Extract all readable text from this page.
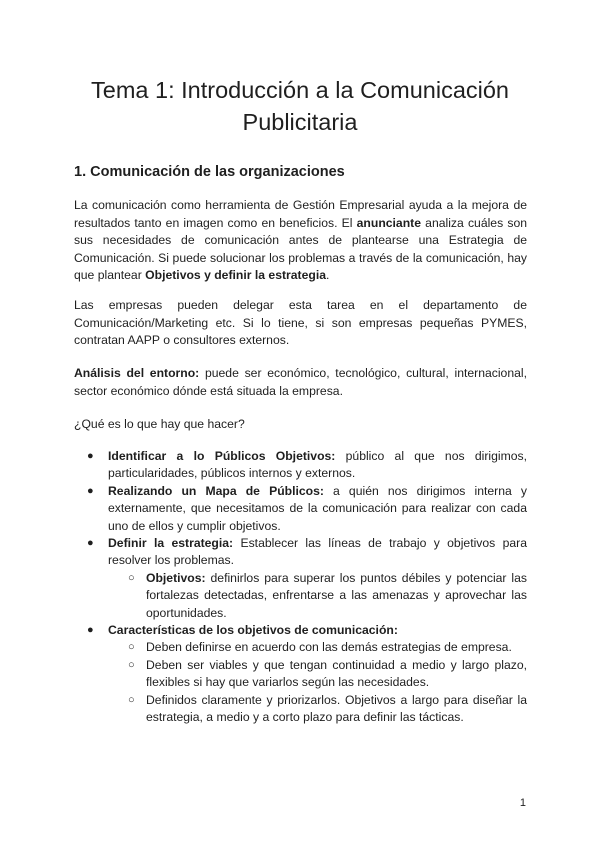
Tema 1: Introducción a la Comunicación
Publicitaria
1. Comunicación de las organizaciones

La comunicación como herramienta de Gestión Empresarial ayuda a la mejora de resultados tanto en imagen como en beneficios. El anunciante analiza cuáles son sus necesidades de comunicación antes de plantearse una Estrategia de Comunicación. Si puede solucionar los problemas a través de la comunicación, hay que plantear Objetivos y definir la estrategia.

Las empresas pueden delegar esta tarea en el departamento de Comunicación/Marketing etc. Si lo tiene, si son empresas pequeñas PYMES, contratan AAPP o consultores externos.

Análisis del entorno: puede ser económico, tecnológico, cultural, internacional, sector económico dónde está situada la empresa.

¿Qué es lo que hay que hacer?

● Identificar a lo Públicos Objetivos: público al que nos dirigimos, particularidades, públicos internos y externos.
● Realizando un Mapa de Públicos: a quién nos dirigimos interna y externamente, que necesitamos de la comunicación para realizar con cada uno de ellos y cumplir objetivos.
● Definir la estrategia: Establecer las líneas de trabajo y objetivos para resolver los problemas.
○ Objetivos: definirlos para superar los puntos débiles y potenciar las fortalezas detectadas, enfrentarse a las amenazas y aprovechar las oportunidades.
● Características de los objetivos de comunicación:
○ Deben definirse en acuerdo con las demás estrategias de empresa.
○ Deben ser viables y que tengan continuidad a medio y largo plazo, flexibles si hay que variarlos según las necesidades.
○ Definidos claramente y priorizarlos. Objetivos a largo para diseñar la estrategia, a medio y a corto plazo para definir las tácticas.
1
